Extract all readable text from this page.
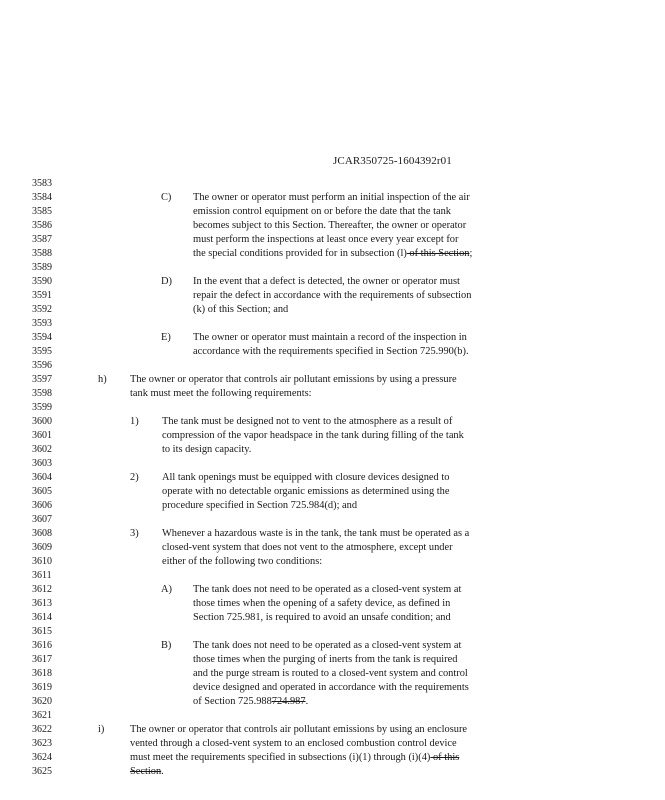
JCAR350725-1604392r01
3583
3584
3585
3586
3587
3588
3589
3590
3591
3592
3593
3594
3595
3596
3597
3598
3599
3600
3601
3602
3603
3604
3605
3606
3607
3608
3609
3610
3611
3612
3613
3614
3615
3616
3617
3618
3619
3620
3621
3622
3623
3624
3625
C) The owner or operator must perform an initial inspection of the air
emission control equipment on or before the date that the tank
becomes subject to this Section. Thereafter, the owner or operator
must perform the inspections at least once every year except for
the special conditions provided for in subsection (l) of this Section;
D) In the event that a defect is detected, the owner or operator must
repair the defect in accordance with the requirements of subsection
(k) of this Section; and
E) The owner or operator must maintain a record of the inspection in
accordance with the requirements specified in Section 725.990(b).
h) The owner or operator that controls air pollutant emissions by using a pressure
tank must meet the following requirements:
1) The tank must be designed not to vent to the atmosphere as a result of
compression of the vapor headspace in the tank during filling of the tank
to its design capacity.
2) All tank openings must be equipped with closure devices designed to
operate with no detectable organic emissions as determined using the
procedure specified in Section 725.984(d); and
3) Whenever a hazardous waste is in the tank, the tank must be operated as a
closed-vent system that does not vent to the atmosphere, except under
either of the following two conditions:
A) The tank does not need to be operated as a closed-vent system at
those times when the opening of a safety device, as defined in
Section 725.981, is required to avoid an unsafe condition; and
B) The tank does not need to be operated as a closed-vent system at
those times when the purging of inerts from the tank is required
and the purge stream is routed to a closed-vent system and control
device designed and operated in accordance with the requirements
of Section 725.988724.987.
i) The owner or operator that controls air pollutant emissions by using an enclosure
vented through a closed-vent system to an enclosed combustion control device
must meet the requirements specified in subsections (i)(1) through (i)(4) of this
Section.
